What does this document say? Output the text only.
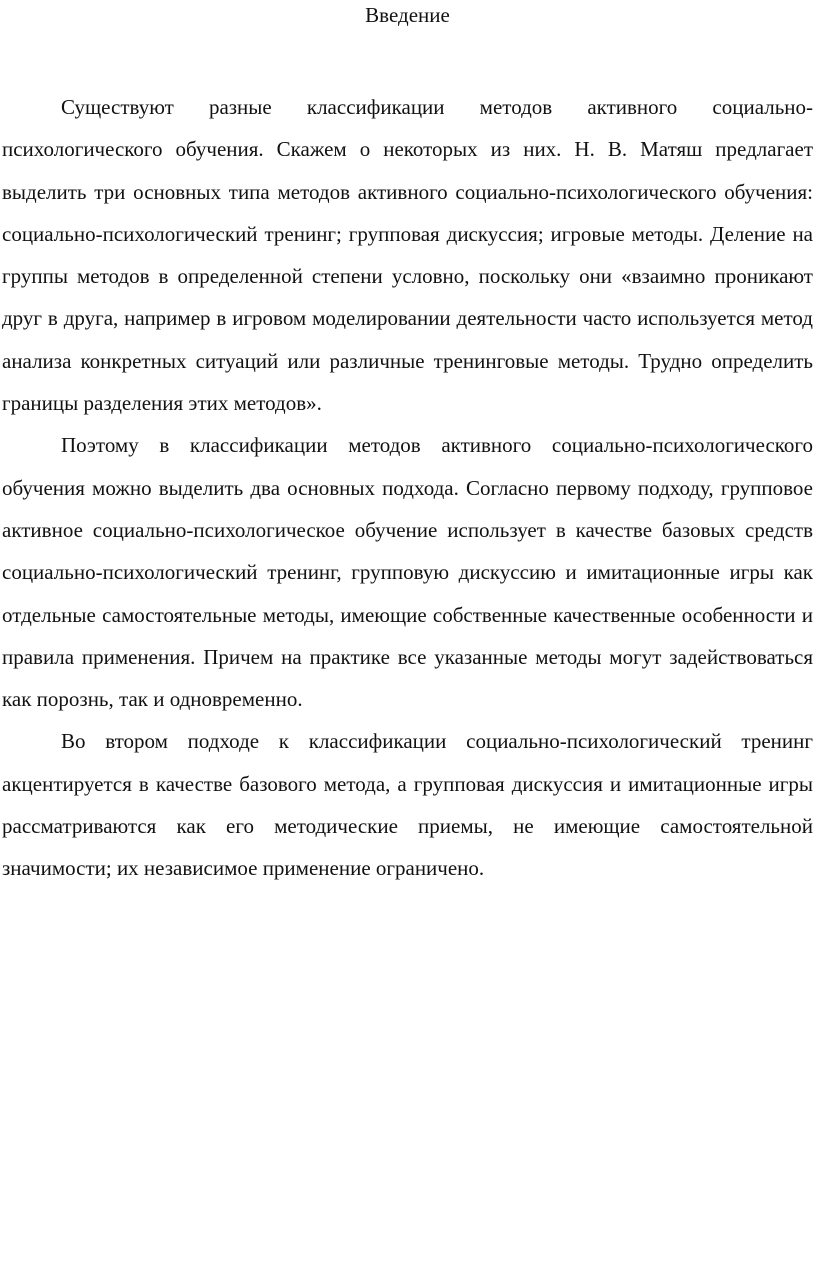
Введение

Существуют разные классификации методов активного социально-психологического обучения. Скажем о некоторых из них. Н. В. Матяш предлагает выделить три основных типа методов активного социально-психологического обучения: социально-психологический тренинг; групповая дискуссия; игровые методы. Деление на группы методов в определенной степени условно, поскольку они «взаимно проникают друг в друга, например в игровом моделировании деятельности часто используется метод анализа конкретных ситуаций или различные тренинговые методы. Трудно определить границы разделения этих методов».

Поэтому в классификации методов активного социально-психологического обучения можно выделить два основных подхода. Согласно первому подходу, групповое активное социально-психологическое обучение использует в качестве базовых средств социально-психологический тренинг, групповую дискуссию и имитационные игры как отдельные самостоятельные методы, имеющие собственные качественные особенности и правила применения. Причем на практике все указанные методы могут задействоваться как порознь, так и одновременно.

Во втором подходе к классификации социально-психологический тренинг акцентируется в качестве базового метода, а групповая дискуссия и имитационные игры рассматриваются как его методические приемы, не имеющие самостоятельной значимости; их независимое применение ограничено.
